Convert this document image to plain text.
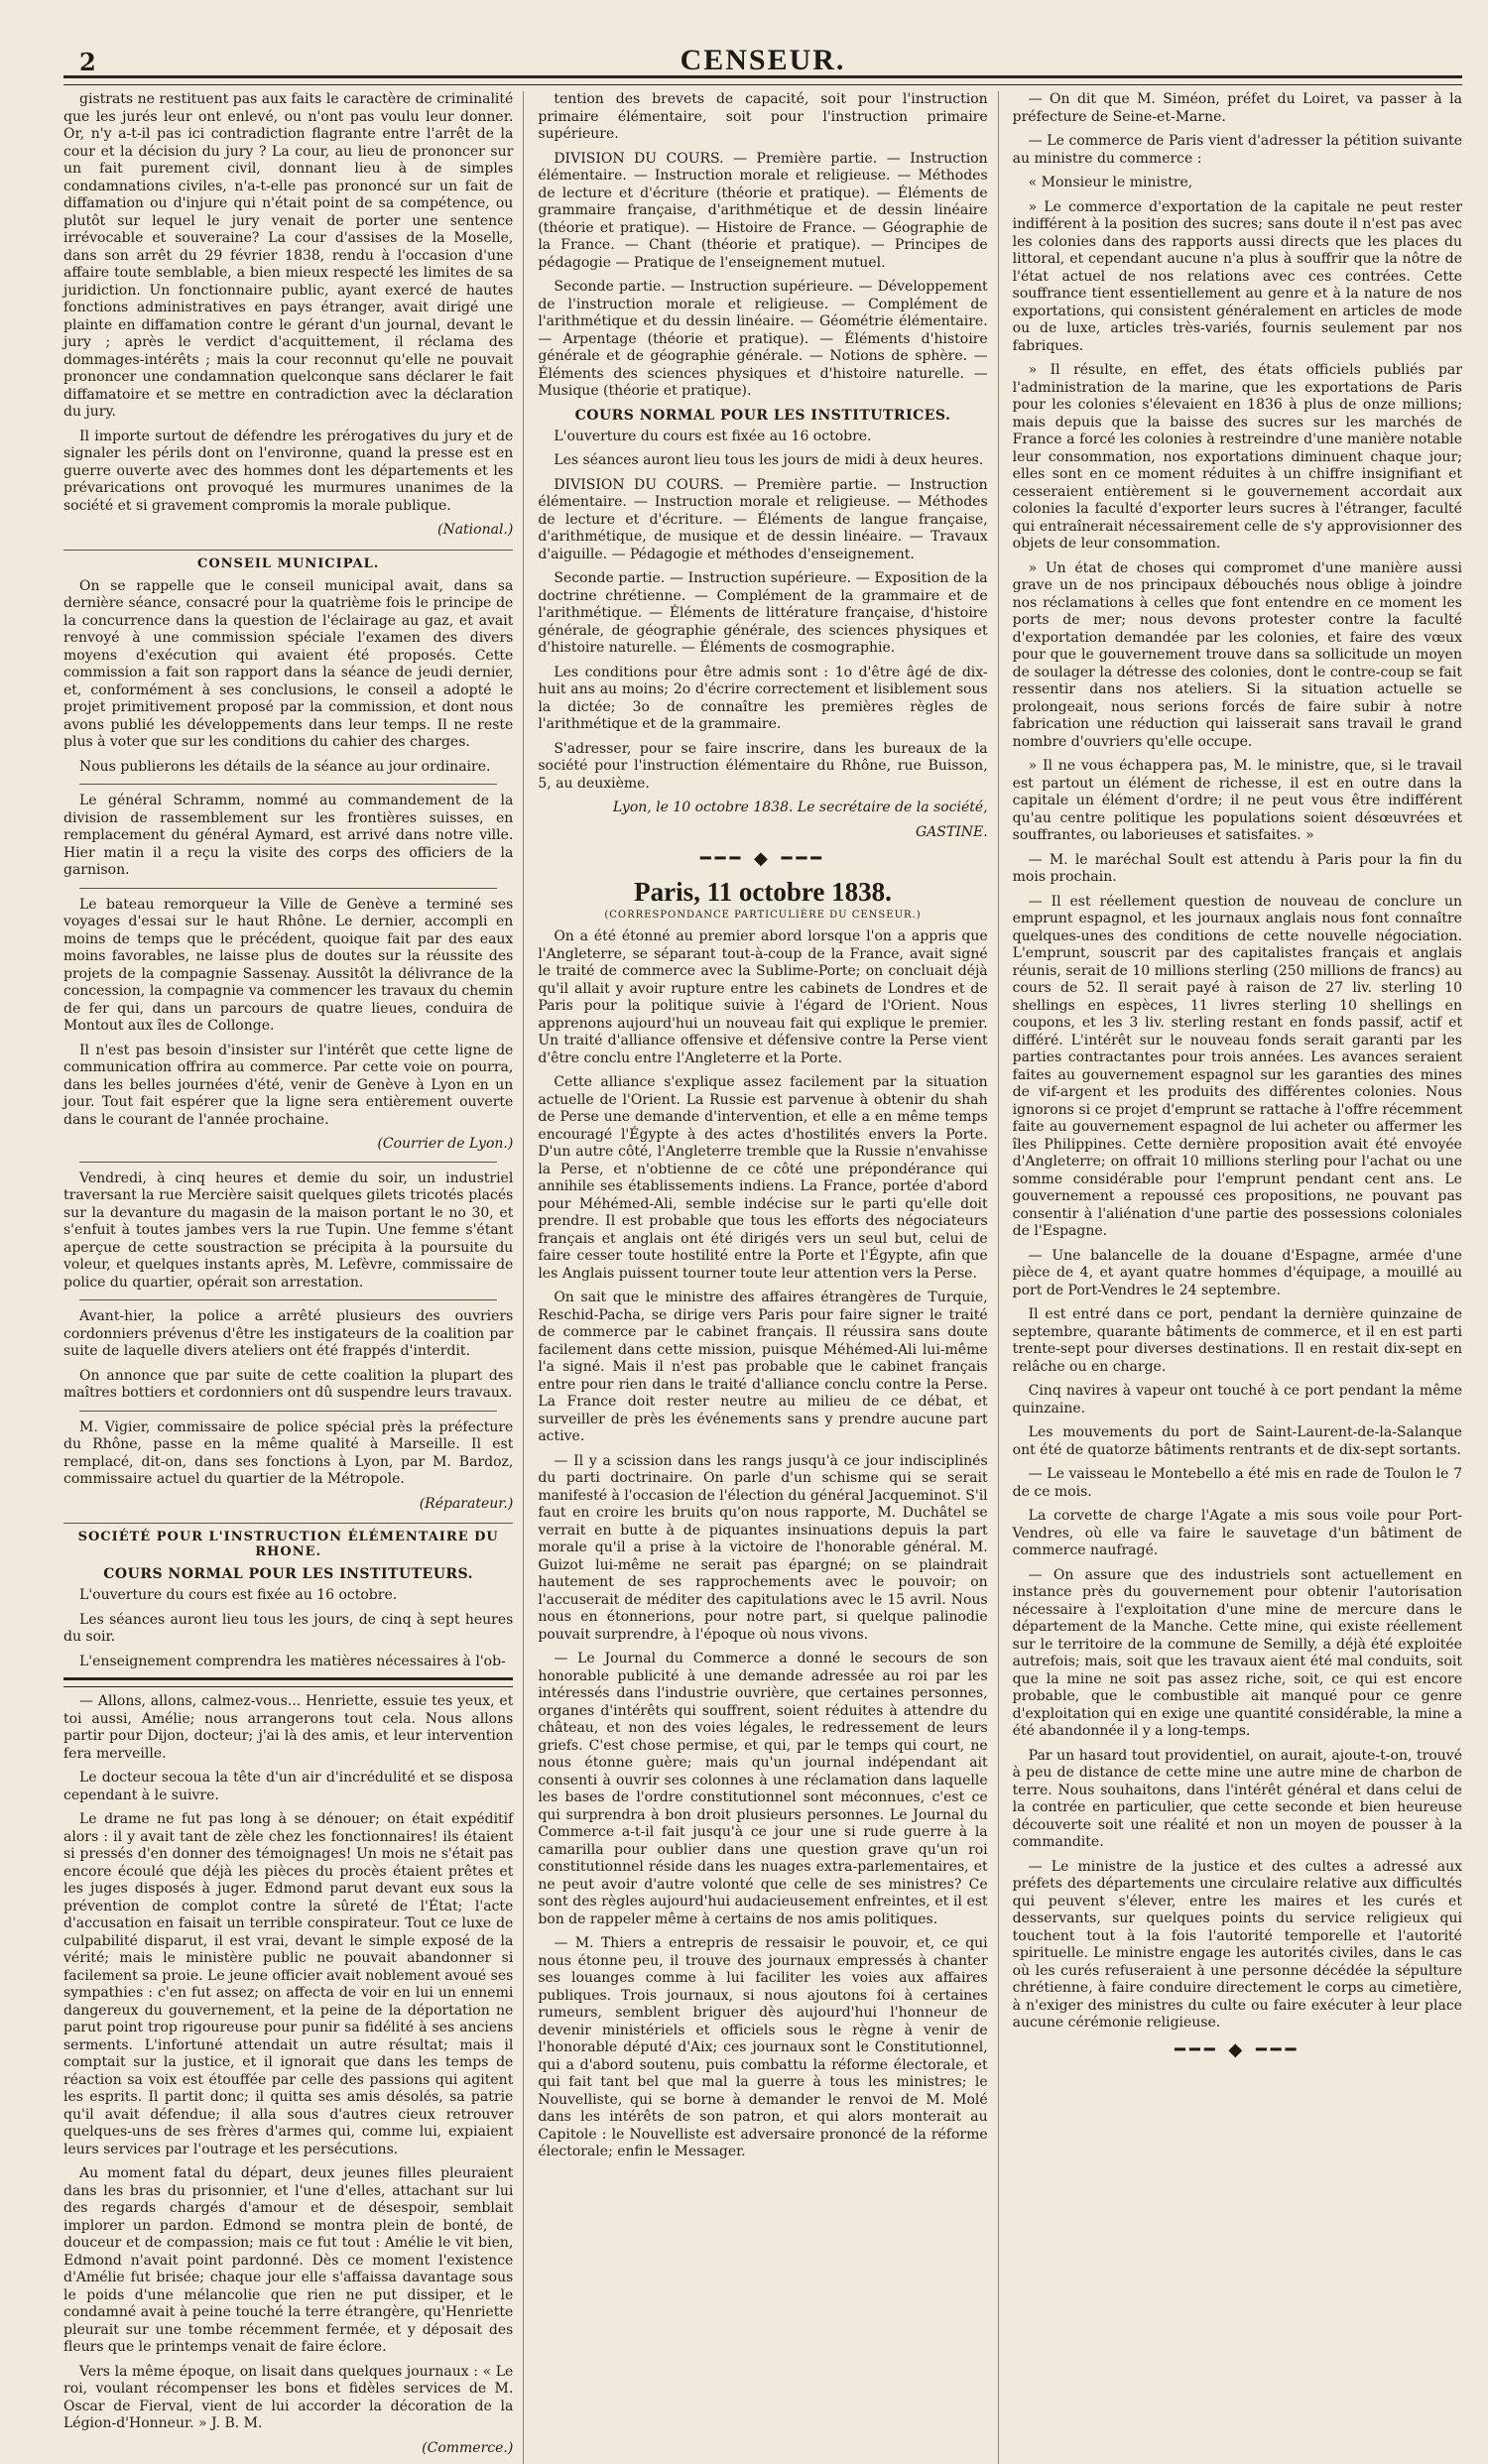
2	CENSEUR.

gistrats ne restituent pas aux faits le caractère de criminalité que les jurés leur ont enlevé, ou n'ont pas voulu leur donner. Or, n'y a-t-il pas ici contradiction flagrante entre l'arrêt de la cour et la décision du jury ? La cour, au lieu de prononcer sur un fait purement civil, donnant lieu à de simples condamnations civiles, n'a-t-elle pas prononcé sur un fait de diffamation ou d'injure qui n'était point de sa compétence, ou plutôt sur lequel le jury venait de porter une sentence irrévocable et souveraine? La cour d'assises de la Moselle, dans son arrêt du 29 février 1838, rendu à l'occasion d'une affaire toute semblable, a bien mieux respecté les limites de sa juridiction. Un fonctionnaire public, ayant exercé de hautes fonctions administratives en pays étranger, avait dirigé une plainte en diffamation contre le gérant d'un journal, devant le jury ; après le verdict d'acquittement, il réclama des dommages-intérêts ; mais la cour reconnut qu'elle ne pouvait prononcer une condamnation quelconque sans déclarer le fait diffamatoire et se mettre en contradiction avec la déclaration du jury.

Il importe surtout de défendre les prérogatives du jury et de signaler les périls dont on l'environne, quand la presse est en guerre ouverte avec des hommes dont les départements et les prévarications ont provoqué les murmures unanimes de la société et si gravement compromis la morale publique.

(National.)

CONSEIL MUNICIPAL.

On se rappelle que le conseil municipal avait, dans sa dernière séance, consacré pour la quatrième fois le principe de la concurrence dans la question de l'éclairage au gaz, et avait renvoyé à une commission spéciale l'examen des divers moyens d'exécution qui avaient été proposés. Cette commission a fait son rapport dans la séance de jeudi dernier, et, conformément à ses conclusions, le conseil a adopté le projet primitivement proposé par la commission, et dont nous avons publié les développements dans leur temps. Il ne reste plus à voter que sur les conditions du cahier des charges.

Nous publierons les détails de la séance au jour ordinaire.

Le général Schramm, nommé au commandement de la division de rassemblement sur les frontières suisses, en remplacement du général Aymard, est arrivé dans notre ville. Hier matin il a reçu la visite des corps des officiers de la garnison.

Le bateau remorqueur la Ville de Genève a terminé ses voyages d'essai sur le haut Rhône. Le dernier, accompli en moins de temps que le précédent, quoique fait par des eaux moins favorables, ne laisse plus de doutes sur la réussite des projets de la compagnie Sassenay. Aussitôt la délivrance de la concession, la compagnie va commencer les travaux du chemin de fer qui, dans un parcours de quatre lieues, conduira de Montout aux îles de Collonge.

Il n'est pas besoin d'insister sur l'intérêt que cette ligne de communication offrira au commerce. Par cette voie on pourra, dans les belles journées d'été, venir de Genève à Lyon en un jour. Tout fait espérer que la ligne sera entièrement ouverte dans le courant de l'année prochaine.

(Courrier de Lyon.)

Vendredi, à cinq heures et demie du soir, un industriel traversant la rue Mercière saisit quelques gilets tricotés placés sur la devanture du magasin de la maison portant le no 30, et s'enfuit à toutes jambes vers la rue Tupin. Une femme s'étant aperçue de cette soustraction se précipita à la poursuite du voleur, et quelques instants après, M. Lefèvre, commissaire de police du quartier, opérait son arrestation.

Avant-hier, la police a arrêté plusieurs des ouvriers cordonniers prévenus d'être les instigateurs de la coalition par suite de laquelle divers ateliers ont été frappés d'interdit.

On annonce que par suite de cette coalition la plupart des maîtres bottiers et cordonniers ont dû suspendre leurs travaux.

M. Vigier, commissaire de police spécial près la préfecture du Rhône, passe en la même qualité à Marseille. Il est remplacé, dit-on, dans ses fonctions à Lyon, par M. Bardoz, commissaire actuel du quartier de la Métropole.

(Réparateur.)

SOCIÉTÉ POUR L'INSTRUCTION ÉLÉMENTAIRE DU RHONE.
COURS NORMAL POUR LES INSTITUTEURS.

L'ouverture du cours est fixée au 16 octobre.

Les séances auront lieu tous les jours, de cinq à sept heures du soir.

L'enseignement comprendra les matières nécessaires à l'ob-

— Allons, allons, calmez-vous... Henriette, essuie tes yeux, et toi aussi, Amélie; nous arrangerons tout cela. Nous allons partir pour Dijon, docteur; j'ai là des amis, et leur intervention fera merveille.

Le docteur secoua la tête d'un air d'incrédulité et se disposa cependant à le suivre.

Le drame ne fut pas long à se dénouer; on était expéditif alors : il y avait tant de zèle chez les fonctionnaires! ils étaient si pressés d'en donner des témoignages! Un mois ne s'était pas encore écoulé que déjà les pièces du procès étaient prêtes et les juges disposés à juger. Edmond parut devant eux sous la prévention de complot contre la sûreté de l'État; l'acte d'accusation en faisait un terrible conspirateur. Tout ce luxe de culpabilité disparut, il est vrai, devant le simple exposé de la vérité; mais le ministère public ne pouvait abandonner si facilement sa proie. Le jeune officier avait noblement avoué ses sympathies : c'en fut assez; on affecta de voir en lui un ennemi dangereux du gouvernement, et la peine de la déportation ne parut point trop rigoureuse pour punir sa fidélité à ses anciens serments. L'infortuné attendait un autre résultat; mais il comptait sur la justice, et il ignorait que dans les temps de réaction sa voix est étouffée par celle des passions qui agitent les esprits. Il partit donc; il quitta ses amis désolés, sa patrie qu'il avait défendue; il alla sous d'autres cieux retrouver quelques-uns de ses frères d'armes qui, comme lui, expiaient leurs services par l'outrage et les persécutions.

Au moment fatal du départ, deux jeunes filles pleuraient dans les bras du prisonnier, et l'une d'elles, attachant sur lui des regards chargés d'amour et de désespoir, semblait implorer un pardon. Edmond se montra plein de bonté, de douceur et de compassion; mais ce fut tout : Amélie le vit bien, Edmond n'avait point pardonné. Dès ce moment l'existence d'Amélie fut brisée; chaque jour elle s'affaissa davantage sous le poids d'une mélancolie que rien ne put dissiper, et le condamné avait à peine touché la terre étrangère, qu'Henriette pleurait sur une tombe récemment fermée, et y déposait des fleurs que le printemps venait de faire éclore.

Vers la même époque, on lisait dans quelques journaux : « Le roi, voulant récompenser les bons et fidèles services de M. Oscar de Fierval, vient de lui accorder la décoration de la Légion-d'Honneur. » J. B. M.

(Commerce.)

tention des brevets de capacité, soit pour l'instruction primaire élémentaire, soit pour l'instruction primaire supérieure.

DIVISION DU COURS. — Première partie. — Instruction élémentaire. — Instruction morale et religieuse. — Méthodes de lecture et d'écriture (théorie et pratique). — Éléments de grammaire française, d'arithmétique et de dessin linéaire (théorie et pratique). — Histoire de France. — Géographie de la France. — Chant (théorie et pratique). — Principes de pédagogie — Pratique de l'enseignement mutuel.

Seconde partie. — Instruction supérieure. — Développement de l'instruction morale et religieuse. — Complément de l'arithmétique et du dessin linéaire. — Géométrie élémentaire. — Arpentage (théorie et pratique). — Éléments d'histoire générale et de géographie générale. — Notions de sphère. — Éléments des sciences physiques et d'histoire naturelle. — Musique (théorie et pratique).

COURS NORMAL POUR LES INSTITUTRICES.

L'ouverture du cours est fixée au 16 octobre.

Les séances auront lieu tous les jours de midi à deux heures.

DIVISION DU COURS. — Première partie. — Instruction élémentaire. — Instruction morale et religieuse. — Méthodes de lecture et d'écriture. — Éléments de langue française, d'arithmétique, de musique et de dessin linéaire. — Travaux d'aiguille. — Pédagogie et méthodes d'enseignement.

Seconde partie. — Instruction supérieure. — Exposition de la doctrine chrétienne. — Complément de la grammaire et de l'arithmétique. — Éléments de littérature française, d'histoire générale, de géographie générale, des sciences physiques et d'histoire naturelle. — Éléments de cosmographie.

Les conditions pour être admis sont : 1o d'être âgé de dix-huit ans au moins; 2o d'écrire correctement et lisiblement sous la dictée; 3o de connaître les premières règles de l'arithmétique et de la grammaire.

S'adresser, pour se faire inscrire, dans les bureaux de la société pour l'instruction élémentaire du Rhône, rue Buisson, 5, au deuxième.

Lyon, le 10 octobre 1838. Le secrétaire de la société,

GASTINE.

━━━ ◆ ━━━
Paris, 11 octobre 1838.
(CORRESPONDANCE PARTICULIÈRE DU CENSEUR.)

On a été étonné au premier abord lorsque l'on a appris que l'Angleterre, se séparant tout-à-coup de la France, avait signé le traité de commerce avec la Sublime-Porte; on concluait déjà qu'il allait y avoir rupture entre les cabinets de Londres et de Paris pour la politique suivie à l'égard de l'Orient. Nous apprenons aujourd'hui un nouveau fait qui explique le premier. Un traité d'alliance offensive et défensive contre la Perse vient d'être conclu entre l'Angleterre et la Porte.

Cette alliance s'explique assez facilement par la situation actuelle de l'Orient. La Russie est parvenue à obtenir du shah de Perse une demande d'intervention, et elle a en même temps encouragé l'Égypte à des actes d'hostilités envers la Porte. D'un autre côté, l'Angleterre tremble que la Russie n'envahisse la Perse, et n'obtienne de ce côté une prépondérance qui annihile ses établissements indiens. La France, portée d'abord pour Méhémed-Ali, semble indécise sur le parti qu'elle doit prendre. Il est probable que tous les efforts des négociateurs français et anglais ont été dirigés vers un seul but, celui de faire cesser toute hostilité entre la Porte et l'Égypte, afin que les Anglais puissent tourner toute leur attention vers la Perse.

On sait que le ministre des affaires étrangères de Turquie, Reschid-Pacha, se dirige vers Paris pour faire signer le traité de commerce par le cabinet français. Il réussira sans doute facilement dans cette mission, puisque Méhémed-Ali lui-même l'a signé. Mais il n'est pas probable que le cabinet français entre pour rien dans le traité d'alliance conclu contre la Perse. La France doit rester neutre au milieu de ce débat, et surveiller de près les événements sans y prendre aucune part active.

— Il y a scission dans les rangs jusqu'à ce jour indisciplinés du parti doctrinaire. On parle d'un schisme qui se serait manifesté à l'occasion de l'élection du général Jacqueminot. S'il faut en croire les bruits qu'on nous rapporte, M. Duchâtel se verrait en butte à de piquantes insinuations depuis la part morale qu'il a prise à la victoire de l'honorable général. M. Guizot lui-même ne serait pas épargné; on se plaindrait hautement de ses rapprochements avec le pouvoir; on l'accuserait de méditer des capitulations avec le 15 avril. Nous nous en étonnerions, pour notre part, si quelque palinodie pouvait surprendre, à l'époque où nous vivons.

— Le Journal du Commerce a donné le secours de son honorable publicité à une demande adressée au roi par les intéressés dans l'industrie ouvrière, que certaines personnes, organes d'intérêts qui souffrent, soient réduites à attendre du château, et non des voies légales, le redressement de leurs griefs. C'est chose permise, et qui, par le temps qui court, ne nous étonne guère; mais qu'un journal indépendant ait consenti à ouvrir ses colonnes à une réclamation dans laquelle les bases de l'ordre constitutionnel sont méconnues, c'est ce qui surprendra à bon droit plusieurs personnes. Le Journal du Commerce a-t-il fait jusqu'à ce jour une si rude guerre à la camarilla pour oublier dans une question grave qu'un roi constitutionnel réside dans les nuages extra-parlementaires, et ne peut avoir d'autre volonté que celle de ses ministres? Ce sont des règles aujourd'hui audacieusement enfreintes, et il est bon de rappeler même à certains de nos amis politiques.

— M. Thiers a entrepris de ressaisir le pouvoir, et, ce qui nous étonne peu, il trouve des journaux empressés à chanter ses louanges comme à lui faciliter les voies aux affaires publiques. Trois journaux, si nous ajoutons foi à certaines rumeurs, semblent briguer dès aujourd'hui l'honneur de devenir ministériels et officiels sous le règne à venir de l'honorable député d'Aix; ces journaux sont le Constitutionnel, qui a d'abord soutenu, puis combattu la réforme électorale, et qui fait tant bel que mal la guerre à tous les ministres; le Nouvelliste, qui se borne à demander le renvoi de M. Molé dans les intérêts de son patron, et qui alors monterait au Capitole : le Nouvelliste est adversaire prononcé de la réforme électorale; enfin le Messager.

— On dit que M. Siméon, préfet du Loiret, va passer à la préfecture de Seine-et-Marne.

— Le commerce de Paris vient d'adresser la pétition suivante au ministre du commerce :

« Monsieur le ministre,

» Le commerce d'exportation de la capitale ne peut rester indifférent à la position des sucres; sans doute il n'est pas avec les colonies dans des rapports aussi directs que les places du littoral, et cependant aucune n'a plus à souffrir que la nôtre de l'état actuel de nos relations avec ces contrées. Cette souffrance tient essentiellement au genre et à la nature de nos exportations, qui consistent généralement en articles de mode ou de luxe, articles très-variés, fournis seulement par nos fabriques.

» Il résulte, en effet, des états officiels publiés par l'administration de la marine, que les exportations de Paris pour les colonies s'élevaient en 1836 à plus de onze millions; mais depuis que la baisse des sucres sur les marchés de France a forcé les colonies à restreindre d'une manière notable leur consommation, nos exportations diminuent chaque jour; elles sont en ce moment réduites à un chiffre insignifiant et cesseraient entièrement si le gouvernement accordait aux colonies la faculté d'exporter leurs sucres à l'étranger, faculté qui entraînerait nécessairement celle de s'y approvisionner des objets de leur consommation.

» Un état de choses qui compromet d'une manière aussi grave un de nos principaux débouchés nous oblige à joindre nos réclamations à celles que font entendre en ce moment les ports de mer; nous devons protester contre la faculté d'exportation demandée par les colonies, et faire des vœux pour que le gouvernement trouve dans sa sollicitude un moyen de soulager la détresse des colonies, dont le contre-coup se fait ressentir dans nos ateliers. Si la situation actuelle se prolongeait, nous serions forcés de faire subir à notre fabrication une réduction qui laisserait sans travail le grand nombre d'ouvriers qu'elle occupe.

» Il ne vous échappera pas, M. le ministre, que, si le travail est partout un élément de richesse, il est en outre dans la capitale un élément d'ordre; il ne peut vous être indifférent qu'au centre politique les populations soient désœuvrées et souffrantes, ou laborieuses et satisfaites. »

— M. le maréchal Soult est attendu à Paris pour la fin du mois prochain.

— Il est réellement question de nouveau de conclure un emprunt espagnol, et les journaux anglais nous font connaître quelques-unes des conditions de cette nouvelle négociation. L'emprunt, souscrit par des capitalistes français et anglais réunis, serait de 10 millions sterling (250 millions de francs) au cours de 52. Il serait payé à raison de 27 liv. sterling 10 shellings en espèces, 11 livres sterling 10 shellings en coupons, et les 3 liv. sterling restant en fonds passif, actif et différé. L'intérêt sur le nouveau fonds serait garanti par les parties contractantes pour trois années. Les avances seraient faites au gouvernement espagnol sur les garanties des mines de vif-argent et les produits des différentes colonies. Nous ignorons si ce projet d'emprunt se rattache à l'offre récemment faite au gouvernement espagnol de lui acheter ou affermer les îles Philippines. Cette dernière proposition avait été envoyée d'Angleterre; on offrait 10 millions sterling pour l'achat ou une somme considérable pour l'emprunt pendant cent ans. Le gouvernement a repoussé ces propositions, ne pouvant pas consentir à l'aliénation d'une partie des possessions coloniales de l'Espagne.

— Une balancelle de la douane d'Espagne, armée d'une pièce de 4, et ayant quatre hommes d'équipage, a mouillé au port de Port-Vendres le 24 septembre.

Il est entré dans ce port, pendant la dernière quinzaine de septembre, quarante bâtiments de commerce, et il en est parti trente-sept pour diverses destinations. Il en restait dix-sept en relâche ou en charge.

Cinq navires à vapeur ont touché à ce port pendant la même quinzaine.

Les mouvements du port de Saint-Laurent-de-la-Salanque ont été de quatorze bâtiments rentrants et de dix-sept sortants.

— Le vaisseau le Montebello a été mis en rade de Toulon le 7 de ce mois.

La corvette de charge l'Agate a mis sous voile pour Port-Vendres, où elle va faire le sauvetage d'un bâtiment de commerce naufragé.

— On assure que des industriels sont actuellement en instance près du gouvernement pour obtenir l'autorisation nécessaire à l'exploitation d'une mine de mercure dans le département de la Manche. Cette mine, qui existe réellement sur le territoire de la commune de Semilly, a déjà été exploitée autrefois; mais, soit que les travaux aient été mal conduits, soit que la mine ne soit pas assez riche, soit, ce qui est encore probable, que le combustible ait manqué pour ce genre d'exploitation qui en exige une quantité considérable, la mine a été abandonnée il y a long-temps.

Par un hasard tout providentiel, on aurait, ajoute-t-on, trouvé à peu de distance de cette mine une autre mine de charbon de terre. Nous souhaitons, dans l'intérêt général et dans celui de la contrée en particulier, que cette seconde et bien heureuse découverte soit une réalité et non un moyen de pousser à la commandite.

— Le ministre de la justice et des cultes a adressé aux préfets des départements une circulaire relative aux difficultés qui peuvent s'élever, entre les maires et les curés et desservants, sur quelques points du service religieux qui touchent tout à la fois l'autorité temporelle et l'autorité spirituelle. Le ministre engage les autorités civiles, dans le cas où les curés refuseraient à une personne décédée la sépulture chrétienne, à faire conduire directement le corps au cimetière, à n'exiger des ministres du culte ou faire exécuter à leur place aucune cérémonie religieuse.

━━━ ◆ ━━━
